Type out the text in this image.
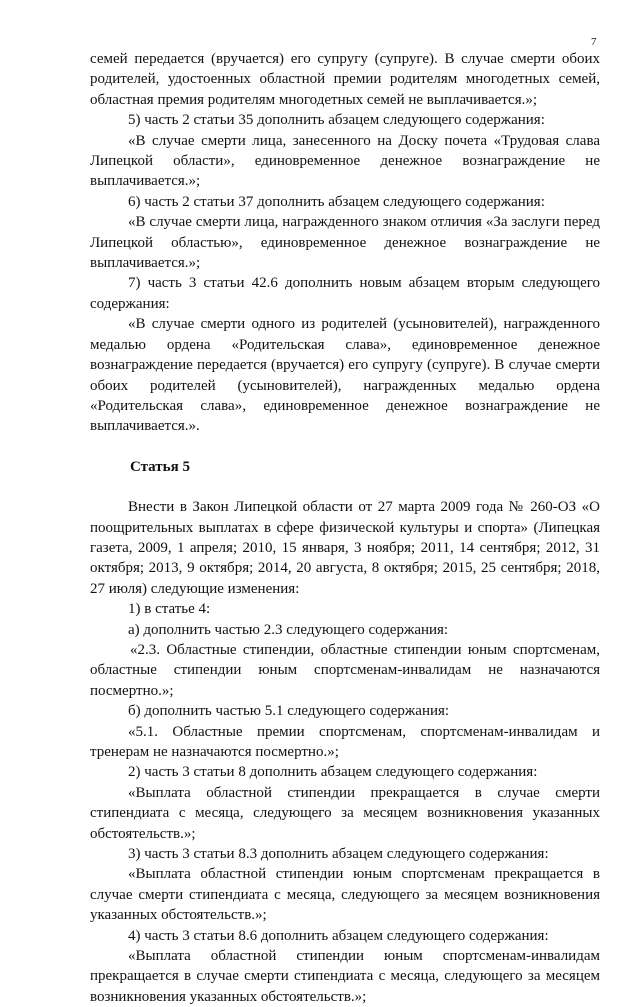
7

семей передается (вручается) его супругу (супруге). В случае смерти обоих родителей, удостоенных областной премии родителям многодетных семей, областная премия родителям многодетных семей не выплачивается.»;

5) часть 2 статьи 35 дополнить абзацем следующего содержания:

«В случае смерти лица, занесенного на Доску почета «Трудовая слава Липецкой области», единовременное денежное вознаграждение не выплачивается.»;

6) часть 2 статьи 37 дополнить абзацем следующего содержания:

«В случае смерти лица, награжденного знаком отличия «За заслуги перед Липецкой областью», единовременное денежное вознаграждение не выплачивается.»;

7) часть 3 статьи 42.6 дополнить новым абзацем вторым следующего содержания:

«В случае смерти одного из родителей (усыновителей), награжденного медалью ордена «Родительская слава», единовременное денежное вознаграждение передается (вручается) его супругу (супруге). В случае смерти обоих родителей (усыновителей), награжденных медалью ордена «Родительская слава», единовременное денежное вознаграждение не выплачивается.».

Статья 5

Внести в Закон Липецкой области от 27 марта 2009 года № 260-ОЗ «О поощрительных выплатах в сфере физической культуры и спорта» (Липецкая газета, 2009, 1 апреля; 2010, 15 января, 3 ноября; 2011, 14 сентября; 2012, 31 октября; 2013, 9 октября; 2014, 20 августа, 8 октября; 2015, 25 сентября; 2018, 27 июля) следующие изменения:

1) в статье 4:

а) дополнить частью 2.3 следующего содержания:

«2.3. Областные стипендии, областные стипендии юным спортсменам, областные стипендии юным спортсменам-инвалидам не назначаются посмертно.»;

б) дополнить частью 5.1 следующего содержания:

«5.1. Областные премии спортсменам, спортсменам-инвалидам и тренерам не назначаются посмертно.»;

2) часть 3 статьи 8 дополнить абзацем следующего содержания:

«Выплата областной стипендии прекращается в случае смерти стипендиата с месяца, следующего за месяцем возникновения указанных обстоятельств.»;

3) часть 3 статьи 8.3 дополнить абзацем следующего содержания:

«Выплата областной стипендии юным спортсменам прекращается в случае смерти стипендиата с месяца, следующего за месяцем возникновения указанных обстоятельств.»;

4) часть 3 статьи 8.6 дополнить абзацем следующего содержания:

«Выплата областной стипендии юным спортсменам-инвалидам прекращается в случае смерти стипендиата с месяца, следующего за месяцем возникновения указанных обстоятельств.»;
